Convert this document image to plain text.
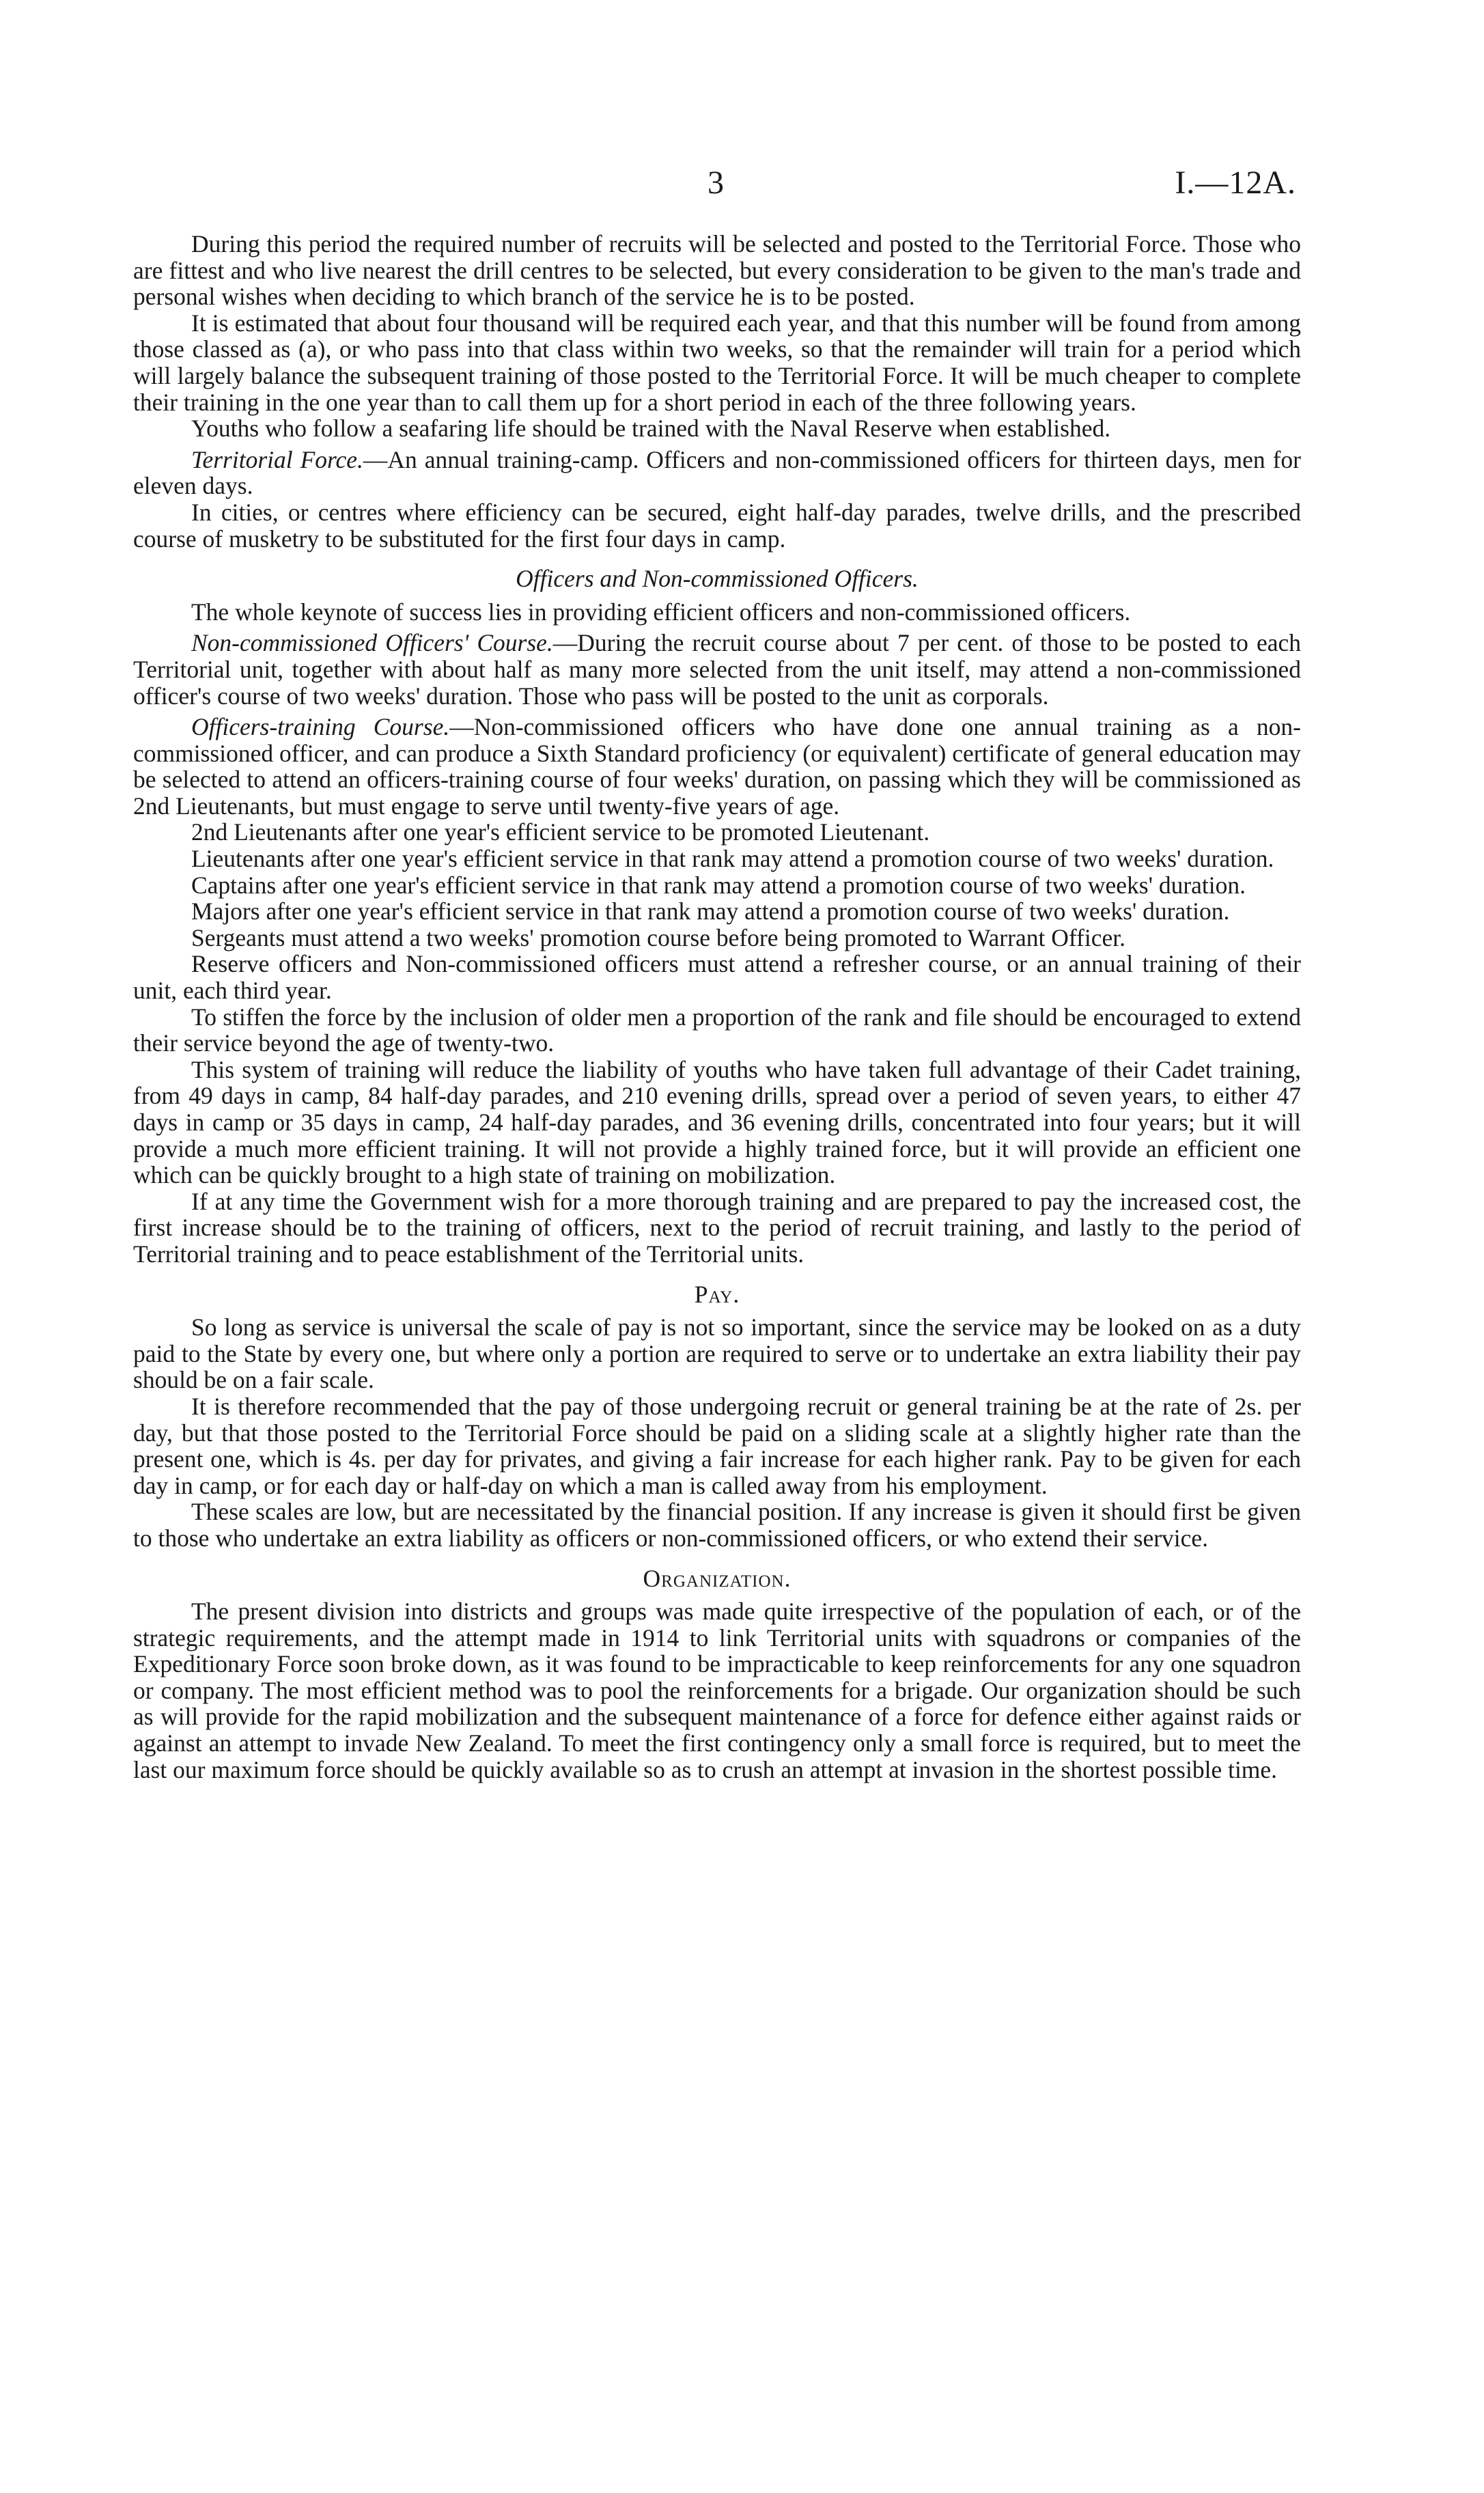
3	I.—12A.

During this period the required number of recruits will be selected and posted to the Territorial Force. Those who are fittest and who live nearest the drill centres to be selected, but every consideration to be given to the man's trade and personal wishes when deciding to which branch of the service he is to be posted.

It is estimated that about four thousand will be required each year, and that this number will be found from among those classed as (a), or who pass into that class within two weeks, so that the remainder will train for a period which will largely balance the subsequent training of those posted to the Territorial Force. It will be much cheaper to complete their training in the one year than to call them up for a short period in each of the three following years.

Youths who follow a seafaring life should be trained with the Naval Reserve when established.

Territorial Force.—An annual training-camp. Officers and non-commissioned officers for thirteen days, men for eleven days.

In cities, or centres where efficiency can be secured, eight half-day parades, twelve drills, and the prescribed course of musketry to be substituted for the first four days in camp.

Officers and Non-commissioned Officers.

The whole keynote of success lies in providing efficient officers and non-commissioned officers.

Non-commissioned Officers' Course.—During the recruit course about 7 per cent. of those to be posted to each Territorial unit, together with about half as many more selected from the unit itself, may attend a non-commissioned officer's course of two weeks' duration. Those who pass will be posted to the unit as corporals.

Officers-training Course.—Non-commissioned officers who have done one annual training as a non-commissioned officer, and can produce a Sixth Standard proficiency (or equivalent) certificate of general education may be selected to attend an officers-training course of four weeks' duration, on passing which they will be commissioned as 2nd Lieutenants, but must engage to serve until twenty-five years of age.

2nd Lieutenants after one year's efficient service to be promoted Lieutenant.

Lieutenants after one year's efficient service in that rank may attend a promotion course of two weeks' duration.

Captains after one year's efficient service in that rank may attend a promotion course of two weeks' duration.

Majors after one year's efficient service in that rank may attend a promotion course of two weeks' duration.

Sergeants must attend a two weeks' promotion course before being promoted to Warrant Officer.

Reserve officers and Non-commissioned officers must attend a refresher course, or an annual training of their unit, each third year.

To stiffen the force by the inclusion of older men a proportion of the rank and file should be encouraged to extend their service beyond the age of twenty-two.

This system of training will reduce the liability of youths who have taken full advantage of their Cadet training, from 49 days in camp, 84 half-day parades, and 210 evening drills, spread over a period of seven years, to either 47 days in camp or 35 days in camp, 24 half-day parades, and 36 evening drills, concentrated into four years; but it will provide a much more efficient training. It will not provide a highly trained force, but it will provide an efficient one which can be quickly brought to a high state of training on mobilization.

If at any time the Government wish for a more thorough training and are prepared to pay the increased cost, the first increase should be to the training of officers, next to the period of recruit training, and lastly to the period of Territorial training and to peace establishment of the Territorial units.

Pay.

So long as service is universal the scale of pay is not so important, since the service may be looked on as a duty paid to the State by every one, but where only a portion are required to serve or to undertake an extra liability their pay should be on a fair scale.

It is therefore recommended that the pay of those undergoing recruit or general training be at the rate of 2s. per day, but that those posted to the Territorial Force should be paid on a sliding scale at a slightly higher rate than the present one, which is 4s. per day for privates, and giving a fair increase for each higher rank. Pay to be given for each day in camp, or for each day or half-day on which a man is called away from his employment.

These scales are low, but are necessitated by the financial position. If any increase is given it should first be given to those who undertake an extra liability as officers or non-commissioned officers, or who extend their service.

Organization.

The present division into districts and groups was made quite irrespective of the population of each, or of the strategic requirements, and the attempt made in 1914 to link Territorial units with squadrons or companies of the Expeditionary Force soon broke down, as it was found to be impracticable to keep reinforcements for any one squadron or company. The most efficient method was to pool the reinforcements for a brigade. Our organization should be such as will provide for the rapid mobilization and the subsequent maintenance of a force for defence either against raids or against an attempt to invade New Zealand. To meet the first contingency only a small force is required, but to meet the last our maximum force should be quickly available so as to crush an attempt at invasion in the shortest possible time.
